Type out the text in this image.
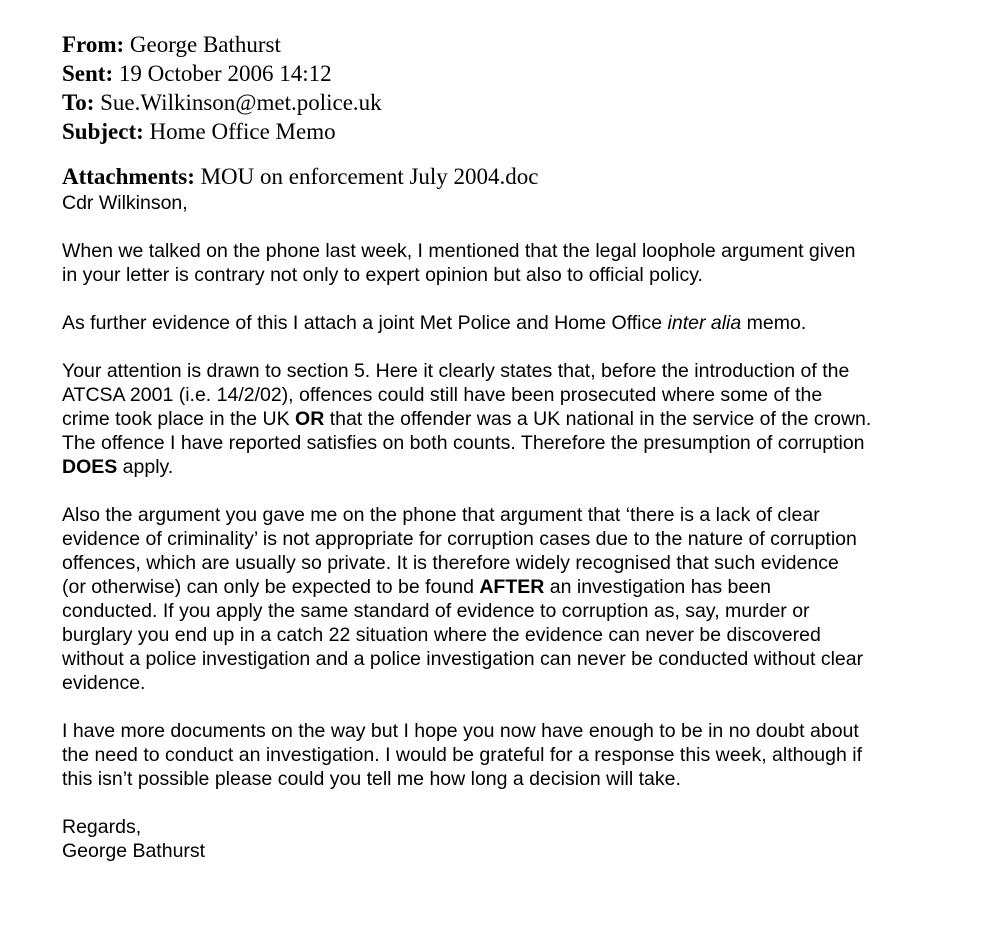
From: George Bathurst
Sent: 19 October 2006 14:12
To: Sue.Wilkinson@met.police.uk
Subject: Home Office Memo
Attachments: MOU on enforcement July 2004.doc

Cdr Wilkinson,

When we talked on the phone last week, I mentioned that the legal loophole argument given
in your letter is contrary not only to expert opinion but also to official policy.

As further evidence of this I attach a joint Met Police and Home Office inter alia memo.

Your attention is drawn to section 5. Here it clearly states that, before the introduction of the
ATCSA 2001 (i.e. 14/2/02), offences could still have been prosecuted where some of the
crime took place in the UK OR that the offender was a UK national in the service of the crown.
The offence I have reported satisfies on both counts. Therefore the presumption of corruption
DOES apply.

Also the argument you gave me on the phone that argument that ‘there is a lack of clear
evidence of criminality’ is not appropriate for corruption cases due to the nature of corruption
offences, which are usually so private. It is therefore widely recognised that such evidence
(or otherwise) can only be expected to be found AFTER an investigation has been
conducted. If you apply the same standard of evidence to corruption as, say, murder or
burglary you end up in a catch 22 situation where the evidence can never be discovered
without a police investigation and a police investigation can never be conducted without clear
evidence.

I have more documents on the way but I hope you now have enough to be in no doubt about
the need to conduct an investigation. I would be grateful for a response this week, although if
this isn’t possible please could you tell me how long a decision will take.

Regards,
George Bathurst
